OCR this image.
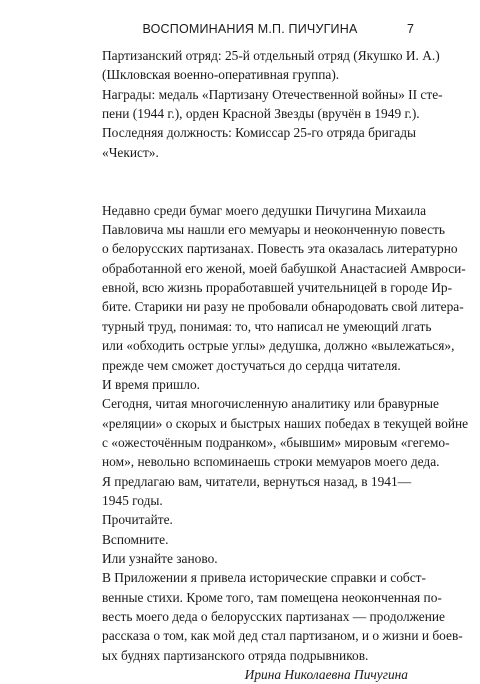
ВОСПОМИНАНИЯ М.П. ПИЧУГИНА	7

Партизанский отряд: 25-й отдельный отряд (Якушко И. А.)
(Шкловская военно-оперативная группа).

Награды: медаль «Партизану Отечественной войны» II сте-
пени (1944 г.), орден Красной Звезды (вручён в 1949 г.).

Последняя должность: Комиссар 25-го отряда бригады
«Чекист».

Недавно среди бумаг моего дедушки Пичугина Михаила
Павловича мы нашли его мемуары и неоконченную повесть
о белорусских партизанах. Повесть эта оказалась литературно
обработанной его женой, моей бабушкой Анастасией Амвроси-
евной, всю жизнь проработавшей учительницей в городе Ир-
бите. Старики ни разу не пробовали обнародовать свой литера-
турный труд, понимая: то, что написал не умеющий лгать
или «обходить острые углы» дедушка, должно «вылежаться»,
прежде чем сможет достучаться до сердца читателя.

И время пришло.

Сегодня, читая многочисленную аналитику или бравурные
«реляции» о скорых и быстрых наших победах в текущей войне
с «ожесточённым подранком», «бывшим» мировым «гегемо-
ном», невольно вспоминаешь строки мемуаров моего деда.

Я предлагаю вам, читатели, вернуться назад, в 1941—
1945 годы.

Прочитайте.

Вспомните.

Или узнайте заново.

В Приложении я привела исторические справки и собст-
венные стихи. Кроме того, там помещена неоконченная по-
весть моего деда о белорусских партизанах — продолжение
рассказа о том, как мой дед стал партизаном, и о жизни и боев-
ых буднях партизанского отряда подрывников.

Ирина Николаевна Пичугина
